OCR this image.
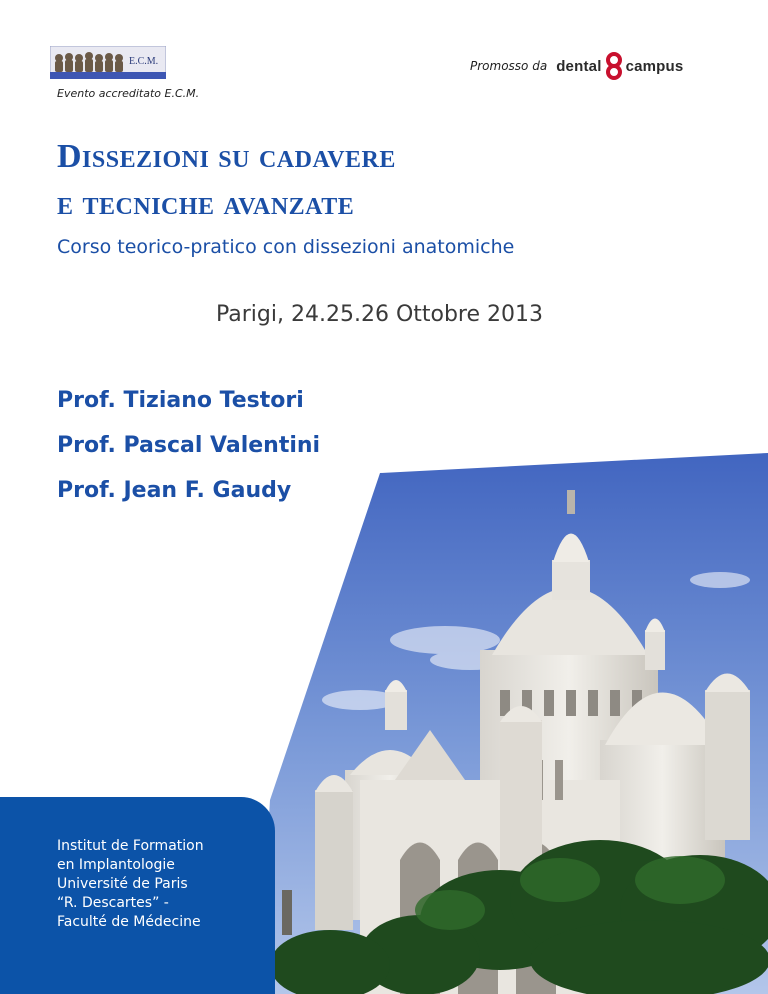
E.C.M.
Evento accreditato E.C.M.
Promosso da dental campus
Dissezioni su cadavere
e tecniche avanzate
Corso teorico-pratico con dissezioni anatomiche
Parigi, 24.25.26 Ottobre 2013
Prof. Tiziano Testori
Prof. Pascal Valentini
Prof. Jean F. Gaudy
Institut de Formation
en Implantologie
Université de Paris
“R. Descartes” -
Faculté de Médecine
